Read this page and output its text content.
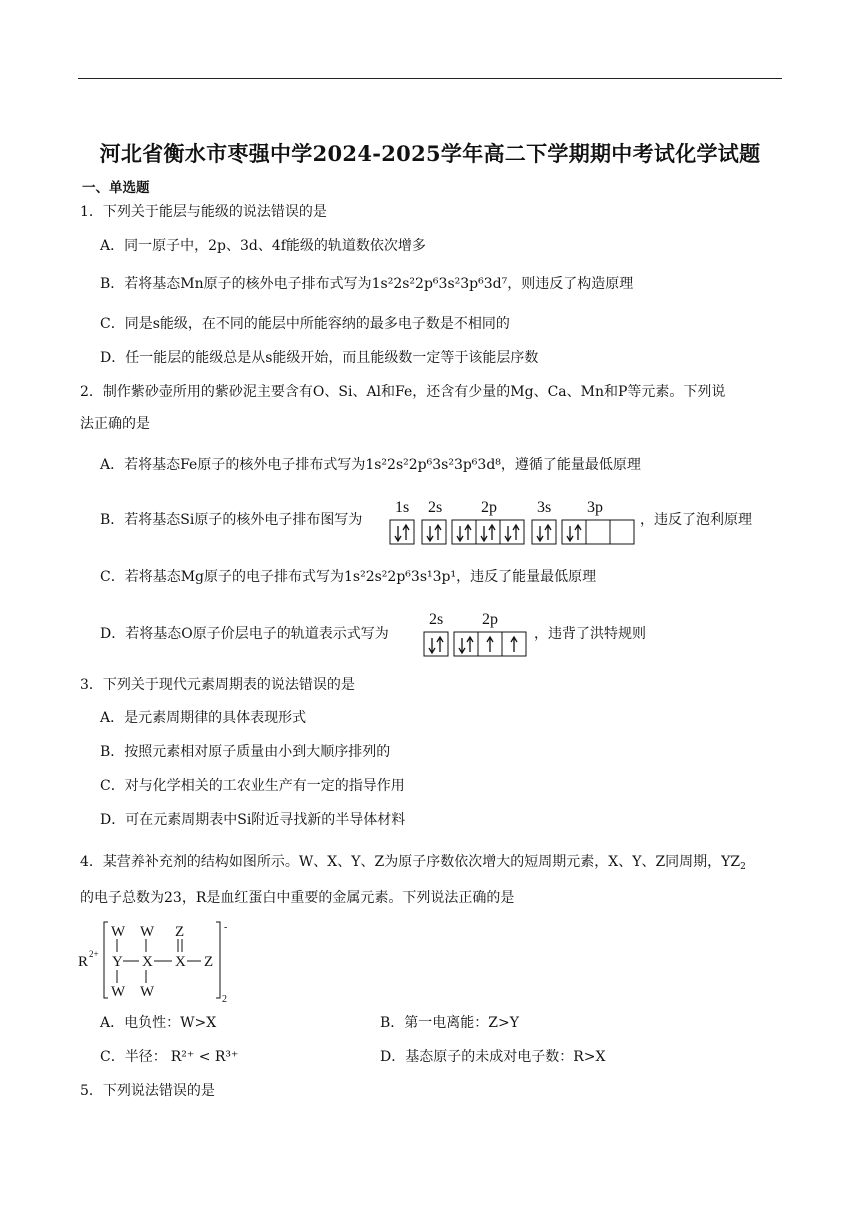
河北省衡水市枣强中学2024-2025学年高二下学期期中考试化学试题
一、单选题
1．下列关于能层与能级的说法错误的是
A．同一原子中，2p、3d、4f能级的轨道数依次增多
B．若将基态Mn原子的核外电子排布式写为1s²2s²2p⁶3s²3p⁶3d⁷，则违反了构造原理
C．同是s能级，在不同的能层中所能容纳的最多电子数是不相同的
D．任一能层的能级总是从s能级开始，而且能级数一定等于该能层序数
2．制作紫砂壶所用的紫砂泥主要含有O、Si、Al和Fe，还含有少量的Mg、Ca、Mn和P等元素。下列说
法正确的是
A．若将基态Fe原子的核外电子排布式写为1s²2s²2p⁶3s²3p⁶3d⁸，遵循了能量最低原理
B．若将基态Si原子的核外电子排布图写为
1s 2s 2p	3s 3p
，违反了泡利原理
C．若将基态Mg原子的电子排布式写为1s²2s²2p⁶3s¹3p¹，违反了能量最低原理
D．若将基态O原子价层电子的轨道表示式写为
2s 2p
，违背了洪特规则
3．下列关于现代元素周期表的说法错误的是
A．是元素周期律的具体表现形式
B．按照元素相对原子质量由小到大顺序排列的
C．对与化学相关的工农业生产有一定的指导作用
D．可在元素周期表中Si附近寻找新的半导体材料
4．某营养补充剂的结构如图所示。W、X、Y、Z为原子序数依次增大的短周期元素，X、Y、Z同周期，$YZ_2$
的电子总数为23，R是血红蛋白中重要的金属元素。下列说法正确的是
R 2+
W W Z
Y X X Z
W W
-
2
A．电负性：W>X	B．第一电离能：Z>Y
C．半径： R²⁺ < R³⁺	D．基态原子的未成对电子数：R>X
5．下列说法错误的是
